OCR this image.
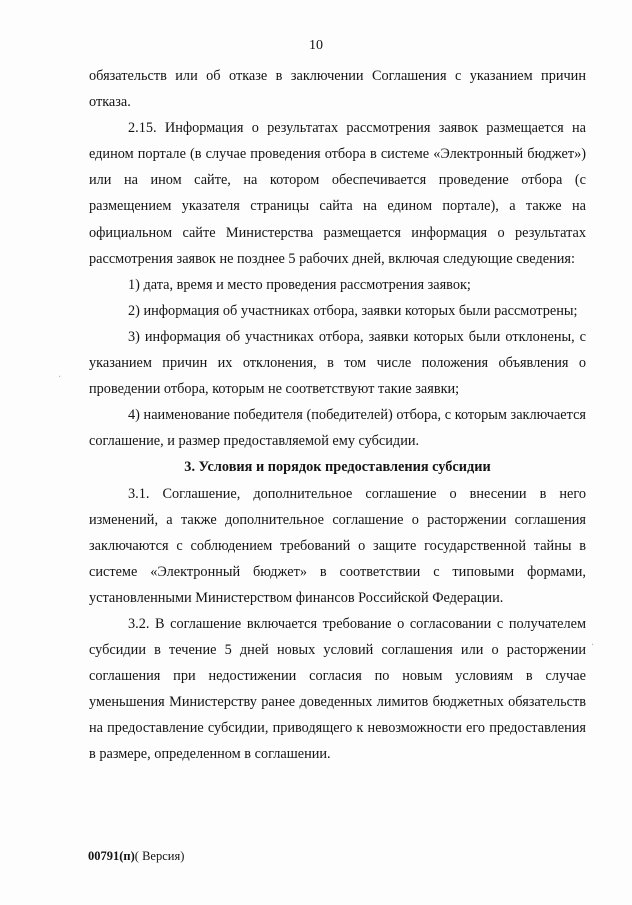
10

обязательств или об отказе в заключении Соглашения с указанием причин отказа.

2.15. Информация о результатах рассмотрения заявок размещается на едином портале (в случае проведения отбора в системе «Электронный бюджет») или на ином сайте, на котором обеспечивается проведение отбора (с размещением указателя страницы сайта на едином портале), а также на официальном сайте Министерства размещается информация о результатах рассмотрения заявок не позднее 5 рабочих дней, включая следующие сведения:

1) дата, время и место проведения рассмотрения заявок;

2) информация об участниках отбора, заявки которых были рассмотрены;

3) информация об участниках отбора, заявки которых были отклонены, с указанием причин их отклонения, в том числе положения объявления о проведении отбора, которым не соответствуют такие заявки;

4) наименование победителя (победителей) отбора, с которым заключается соглашение, и размер предоставляемой ему субсидии.

3. Условия и порядок предоставления субсидии

3.1. Соглашение, дополнительное соглашение о внесении в него изменений, а также дополнительное соглашение о расторжении соглашения заключаются с соблюдением требований о защите государственной тайны в системе «Электронный бюджет» в соответствии с типовыми формами, установленными Министерством финансов Российской Федерации.

3.2. В соглашение включается требование о согласовании с получателем субсидии в течение 5 дней новых условий соглашения или о расторжении соглашения при недостижении согласия по новым условиям в случае уменьшения Министерству ранее доведенных лимитов бюджетных обязательств на предоставление субсидии, приводящего к невозможности его предоставления в размере, определенном в соглашении.

00791(п)( Версия)
·
·
